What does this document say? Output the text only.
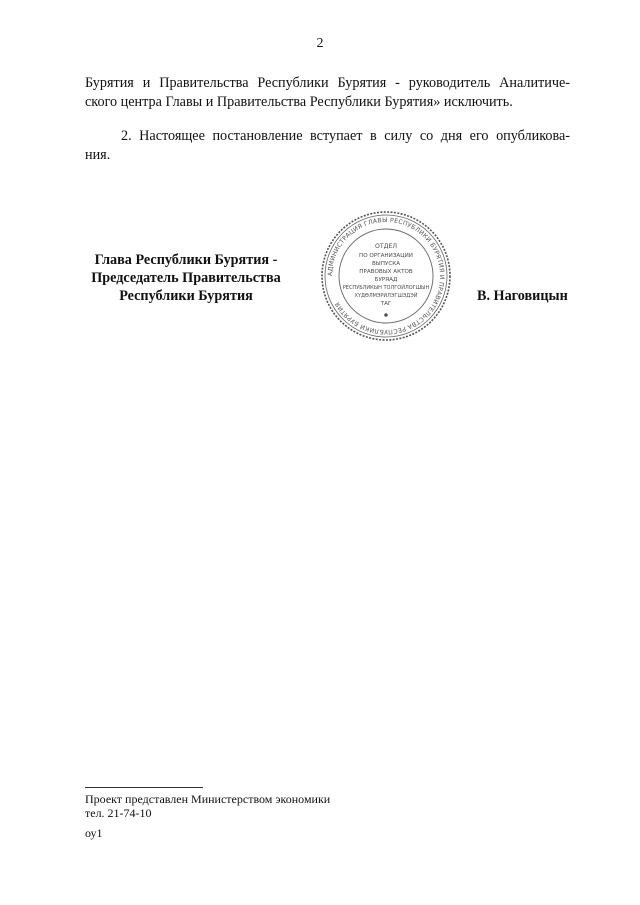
2
Бурятия и Правительства Республики Бурятия - руководитель Аналитиче-
ского центра Главы и Правительства Республики Бурятия» исключить.
2. Настоящее постановление вступает в силу со дня его опубликова-
ния.
Глава Республики Бурятия -
Председатель Правительства
Республики Бурятия
АДМИНИСТРАЦИЯ ГЛАВЫ РЕСПУБЛИКИ БУРЯТИЯ И ПРАВИТЕЛЬСТВА РЕСПУБЛИКИ БУРЯТИЯ
ОТДЕЛ
ПО ОРГАНИЗАЦИИ
ВЫПУСКА
ПРАВОВЫХ АКТОВ
БУРЯАД
РЕСПУБЛИКЫН ТОЛГОЙЛОГШЫН
ХҮДӨЛМЭРИЛЭГШЭДЭЙ
ТАГ	В. Наговицын
Проект представлен Министерством экономики
тел. 21-74-10
оу1
